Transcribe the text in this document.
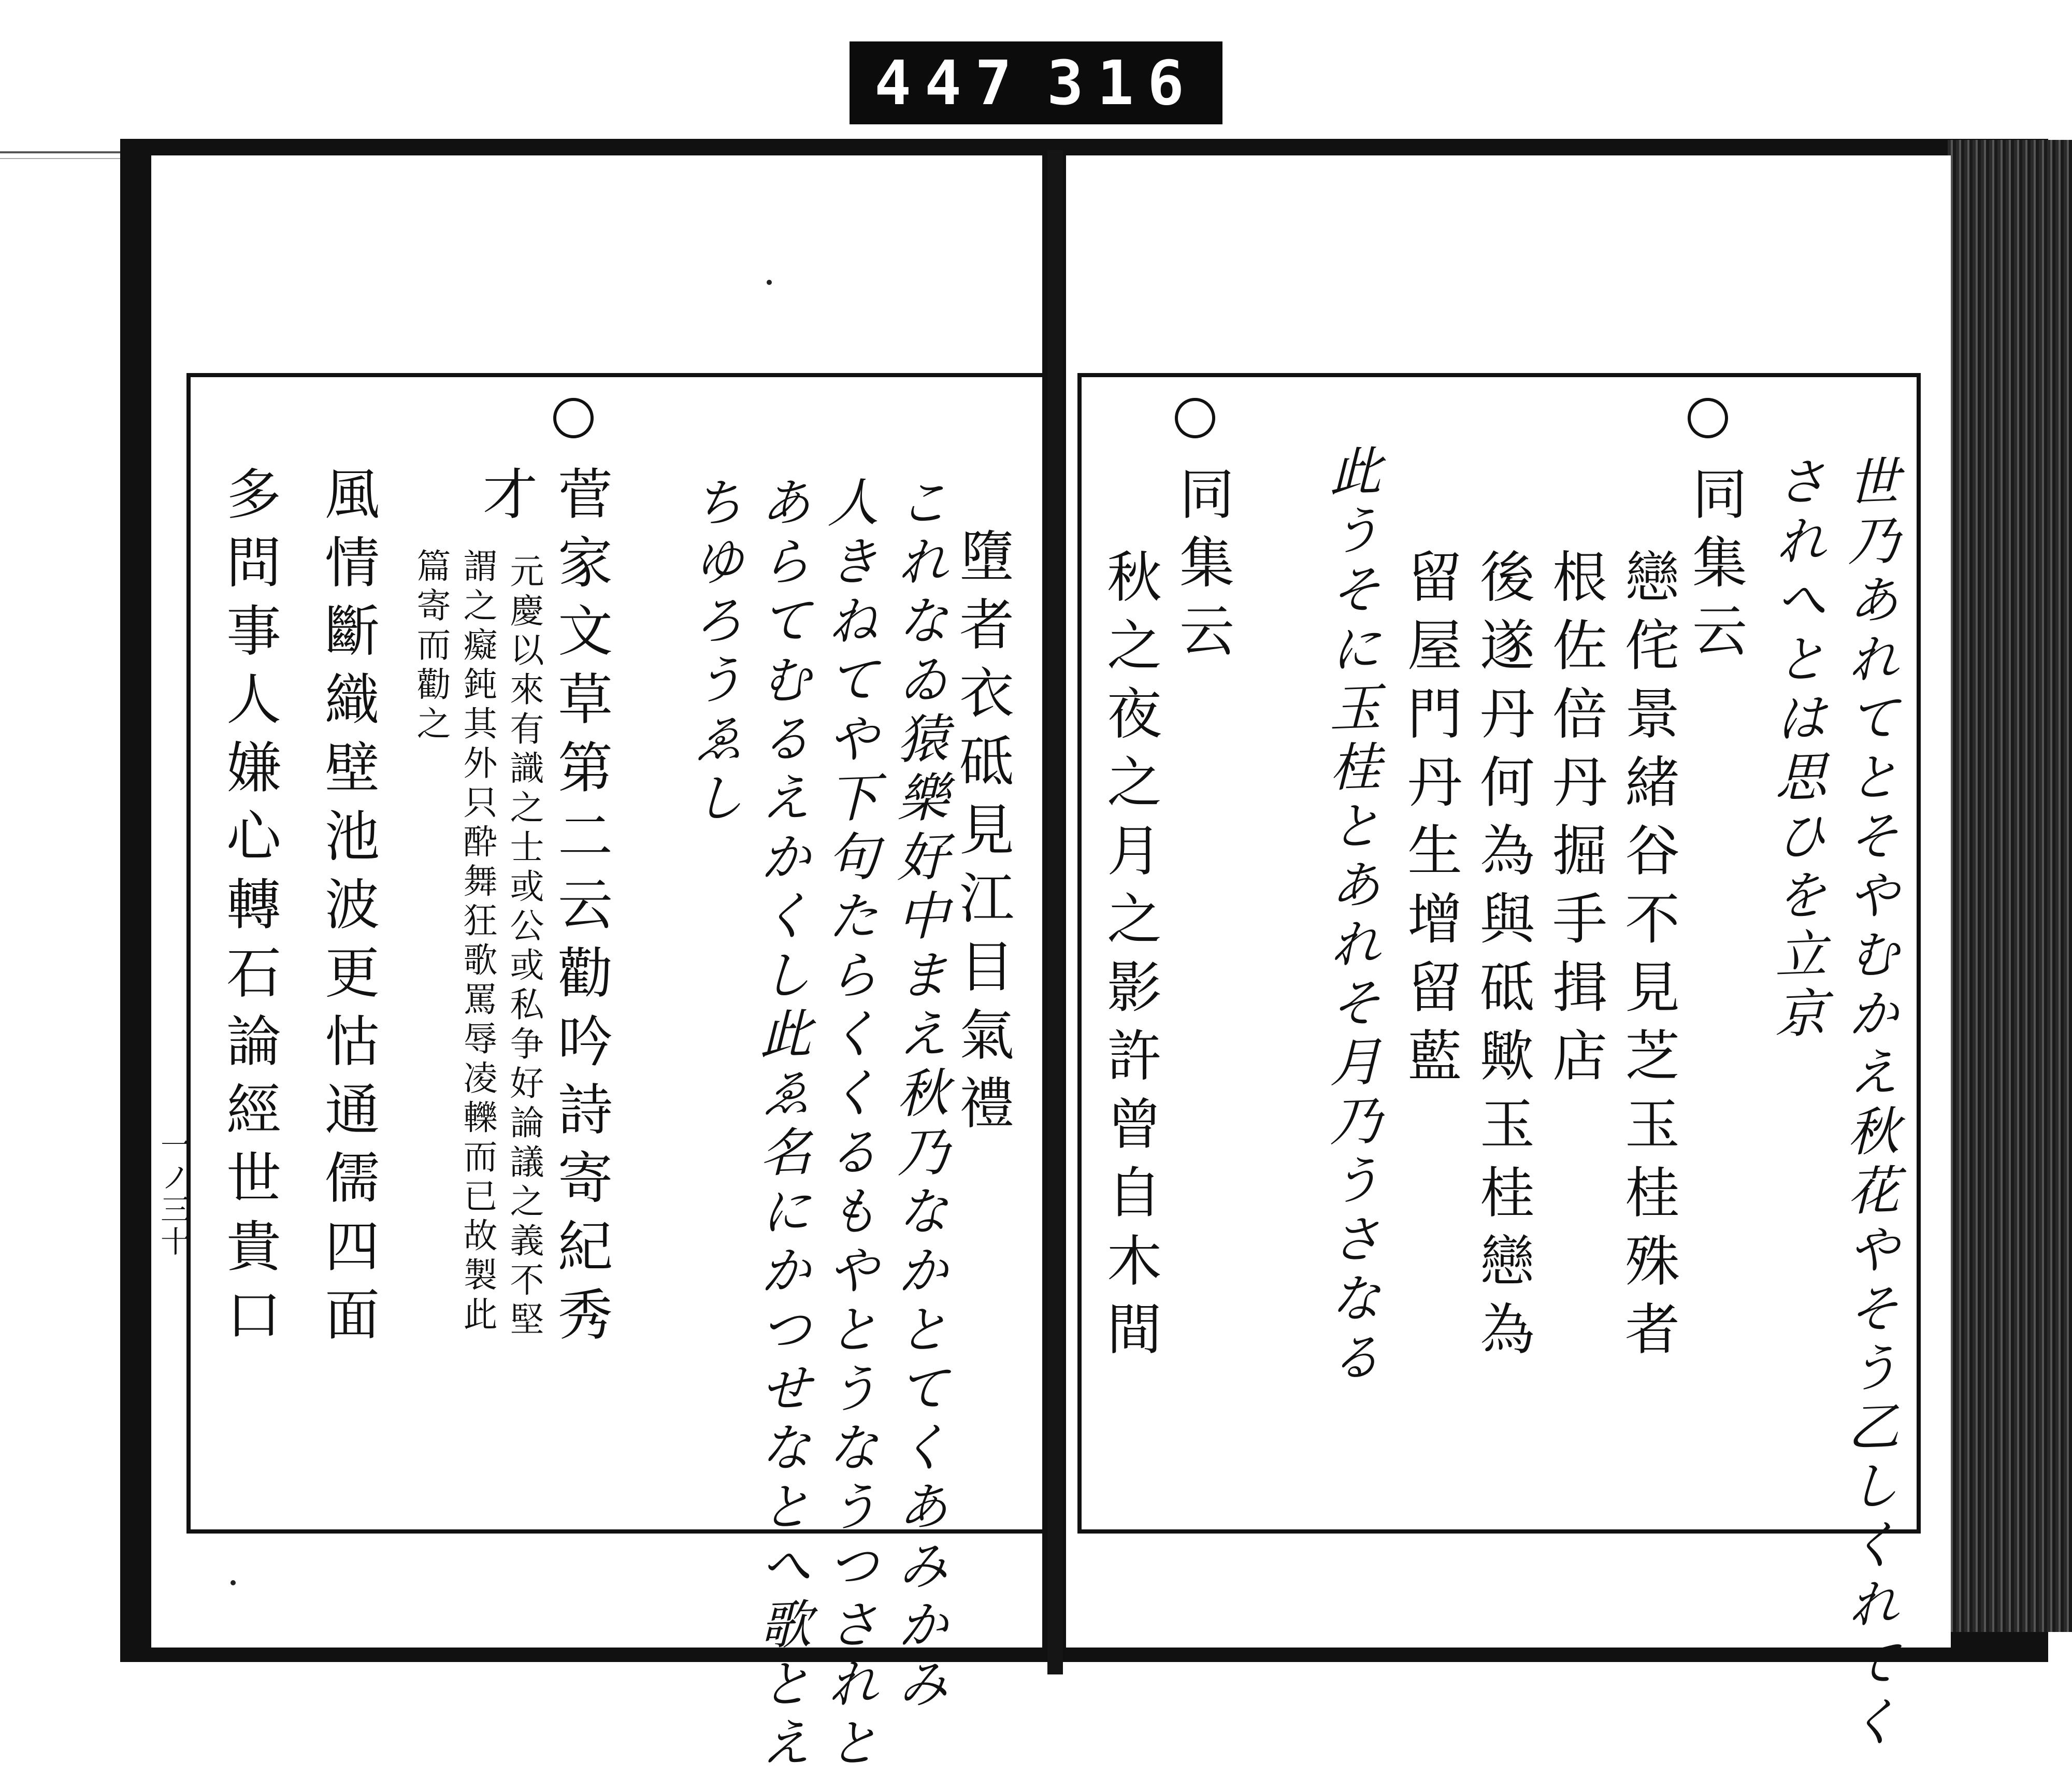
447 316
墮者衣砥見江目氣禮
これなゐ猿樂好中まえ秋乃なかとてくあみかみ
人きねてや下句たらくくるもやとうなうつされと
あらてむるえかくし此ゑ名にかつせなとへ歌とえ
ちゆろうゑし
菅家文草第二云勸吟詩寄紀秀
才
元慶以來有識之士或公或私争好論議之義不堅
謂之癡鈍其外只酔舞狂歌罵辱凌轢而已故製此
篇寄而勸之
風情斷織壁池波更怙通儒四面
多問事人嫌心轉石論經世貴口
一ノ三十	世乃あれてとそやむかえ秋花やそう乙しくれてく
されへとは思ひを立京
同集云
戀侘景緒谷不見芝玉桂殊者
根佐倍丹掘手揖店
後遂丹何為與砥歟玉桂戀為
留屋門丹生增留藍
此うそに玉桂とあれそ月乃うさなる
同集云
秋之夜之月之影許曾自木間
